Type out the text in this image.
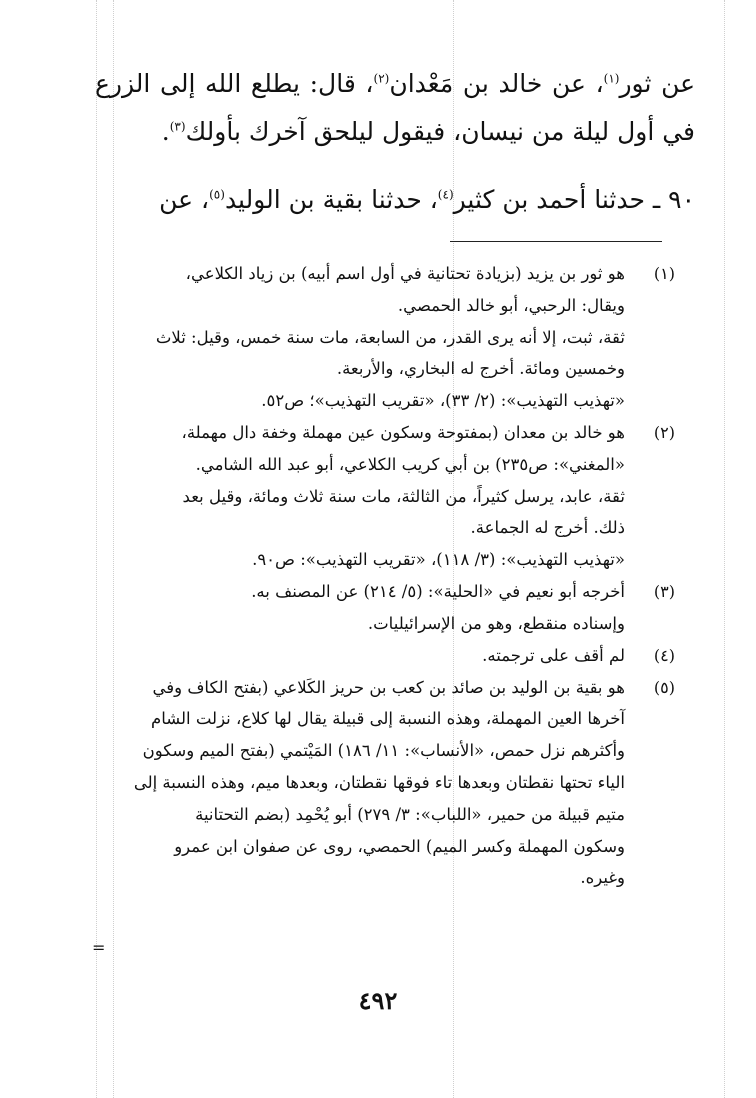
عن ثور$^{(١)}$، عن خالد بن مَعْدان$^{(٢)}$، قال: يطلع الله إلى الزرع في أول ليلة من نيسان، فيقول ليلحق آخرك بأولك$^{(٣)}$.
٩٠ ـ حدثنا أحمد بن كثير$^{(٤)}$، حدثنا بقية بن الوليد$^{(٥)}$، عن
(١)
هو ثور بن يزيد (بزيادة تحتانية في أول اسم أبيه) بن زياد الكلاعي،
ويقال: الرحبي، أبو خالد الحمصي.
ثقة، ثبت، إلا أنه يرى القدر، من السابعة، مات سنة خمس، وقيل: ثلاث
وخمسين ومائة. أخرج له البخاري، والأربعة.
«تهذيب التهذيب»: (٢/ ٣٣)، «تقريب التهذيب»؛ ص٥٢.
(٢)
هو خالد بن معدان (بمفتوحة وسكون عين مهملة وخفة دال مهملة،
«المغني»: ص٢٣٥) بن أبي كريب الكلاعي، أبو عبد الله الشامي.
ثقة، عابد، يرسل كثيراً، من الثالثة، مات سنة ثلاث ومائة، وقيل بعد
ذلك. أخرج له الجماعة.
«تهذيب التهذيب»: (٣/ ١١٨)، «تقريب التهذيب»: ص٩٠.
(٣)
أخرجه أبو نعيم في «الحلية»: (٥/ ٢١٤) عن المصنف به.
وإسناده منقطع، وهو من الإسرائيليات.
(٤)
لم أقف على ترجمته.
(٥)
هو بقية بن الوليد بن صائد بن كعب بن حريز الكَلاعي (بفتح الكاف وفي
آخرها العين المهملة، وهذه النسبة إلى قبيلة يقال لها كلاع، نزلت الشام
وأكثرهم نزل حمص، «الأنساب»: ١١/ ١٨٦) المَيْتمي (بفتح الميم وسكون
الياء تحتها نقطتان وبعدها تاء فوقها نقطتان، وبعدها ميم، وهذه النسبة إلى
متيم قبيلة من حمير، «اللباب»: ٣/ ٢٧٩) أبو يُحْمِد (بضم التحتانية
وسكون المهملة وكسر الميم) الحمصي، روى عن صفوان ابن عمرو
وغيره.
=
٤٩٢
